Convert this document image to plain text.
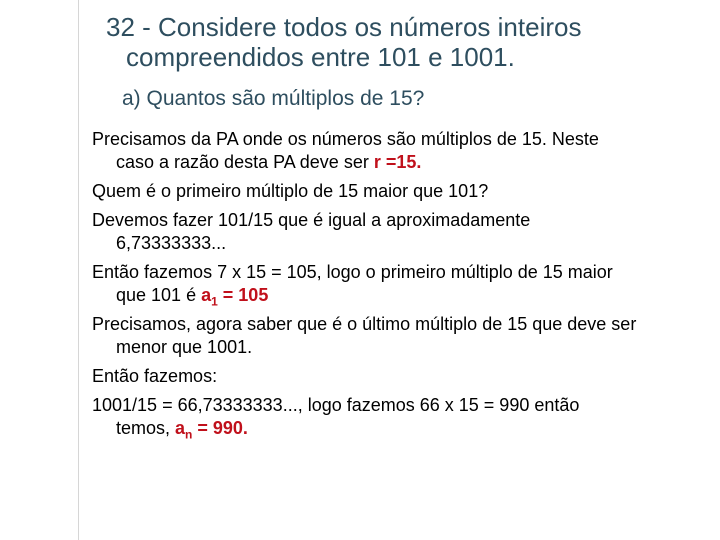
32 - Considere todos os números inteiros
compreendidos entre 101 e 1001.
a) Quantos são múltiplos de 15?

Precisamos da PA onde os números são múltiplos de 15. Neste
caso a razão desta PA deve ser r =15.

Quem é o primeiro múltiplo de 15 maior que 101?

Devemos fazer 101/15 que é igual a aproximadamente
6,73333333...

Então fazemos 7 x 15 = 105, logo o primeiro múltiplo de 15 maior
que 101 é $a_1 = 105$

Precisamos, agora saber que é o último múltiplo de 15 que deve ser
menor que 1001.

Então fazemos:

1001/15 = 66,73333333..., logo fazemos 66 x 15 = 990 então
temos, $a_n = 990$.
